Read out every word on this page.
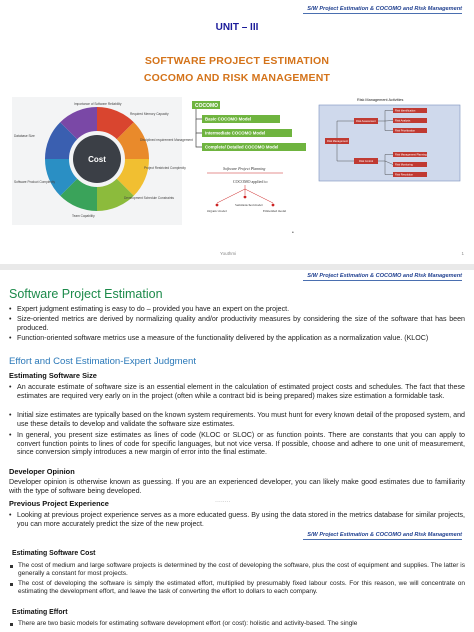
S/W Project Estimation & COCOMO and Risk Management
UNIT – III
SOFTWARE PROJECT ESTIMATION
COCOMO AND RISK MANAGEMENT
Cost
Importance of Software Reliability
Required Memory Capacity
Disciplined requirement Management
Project Restricted Complexity
Development Schedule Constraints
Team Capability
Software Product Complexity
Database Size
COCOMO
Basic COCOMO Model
Intermediate COCOMO Model
Complete/ Detailed COCOMO Model
Software Project Planning
COCOMO applied to
Organic model
Semidetached model
Embedded model
Risk Management Activities
Risk Assessment
Risk Management
Risk Control
Risk Identification
Risk Analysis
Risk Prioritization
Risk Management Planning
Risk Monitoring
Risk Resolution
•
Youthmi	1
S/W Project Estimation & COCOMO and Risk Management
Software Project Estimation
• Expert judgment estimating is easy to do – provided you have an expert on the project.
• Size-oriented metrics are derived by normalizing quality and/or productivity measures by considering the size of the software that has been produced.
• Function-oriented software metrics use a measure of the functionality delivered by the application as a normalization value. (KLOC)
Effort and Cost Estimation-Expert Judgment
Estimating Software Size
• An accurate estimate of software size is an essential element in the calculation of estimated project costs and schedules. The fact that these estimates are required very early on in the project (often while a contract bid is being prepared) makes size estimation a formidable task.
• Initial size estimates are typically based on the known system requirements. You must hunt for every known detail of the proposed system, and use these details to develop and validate the software size estimates.
• In general, you present size estimates as lines of code (KLOC or SLOC) or as function points. There are constants that you can apply to convert function points to lines of code for specific languages, but not vice versa. If possible, choose and adhere to one unit of measurement, since conversion simply introduces a new margin of error into the final estimate.
Developer Opinion
Developer opinion is otherwise known as guessing. If you are an experienced developer, you can likely make good estimates due to familiarity with the type of software being developed.
Previous Project Experience
• Looking at previous project experience serves as a more educated guess. By using the data stored in the metrics database for similar projects, you can more accurately predict the size of the new project.
........
S/W Project Estimation & COCOMO and Risk Management
Estimating Software Cost
The cost of medium and large software projects is determined by the cost of developing the software, plus the cost of equipment and supplies. The latter is generally a constant for most projects.
The cost of developing the software is simply the estimated effort, multiplied by presumably fixed labour costs. For this reason, we will concentrate on estimating the development effort, and leave the task of converting the effort to dollars to each company.
Estimating Effort
There are two basic models for estimating software development effort (or cost): holistic and activity-based. The single
